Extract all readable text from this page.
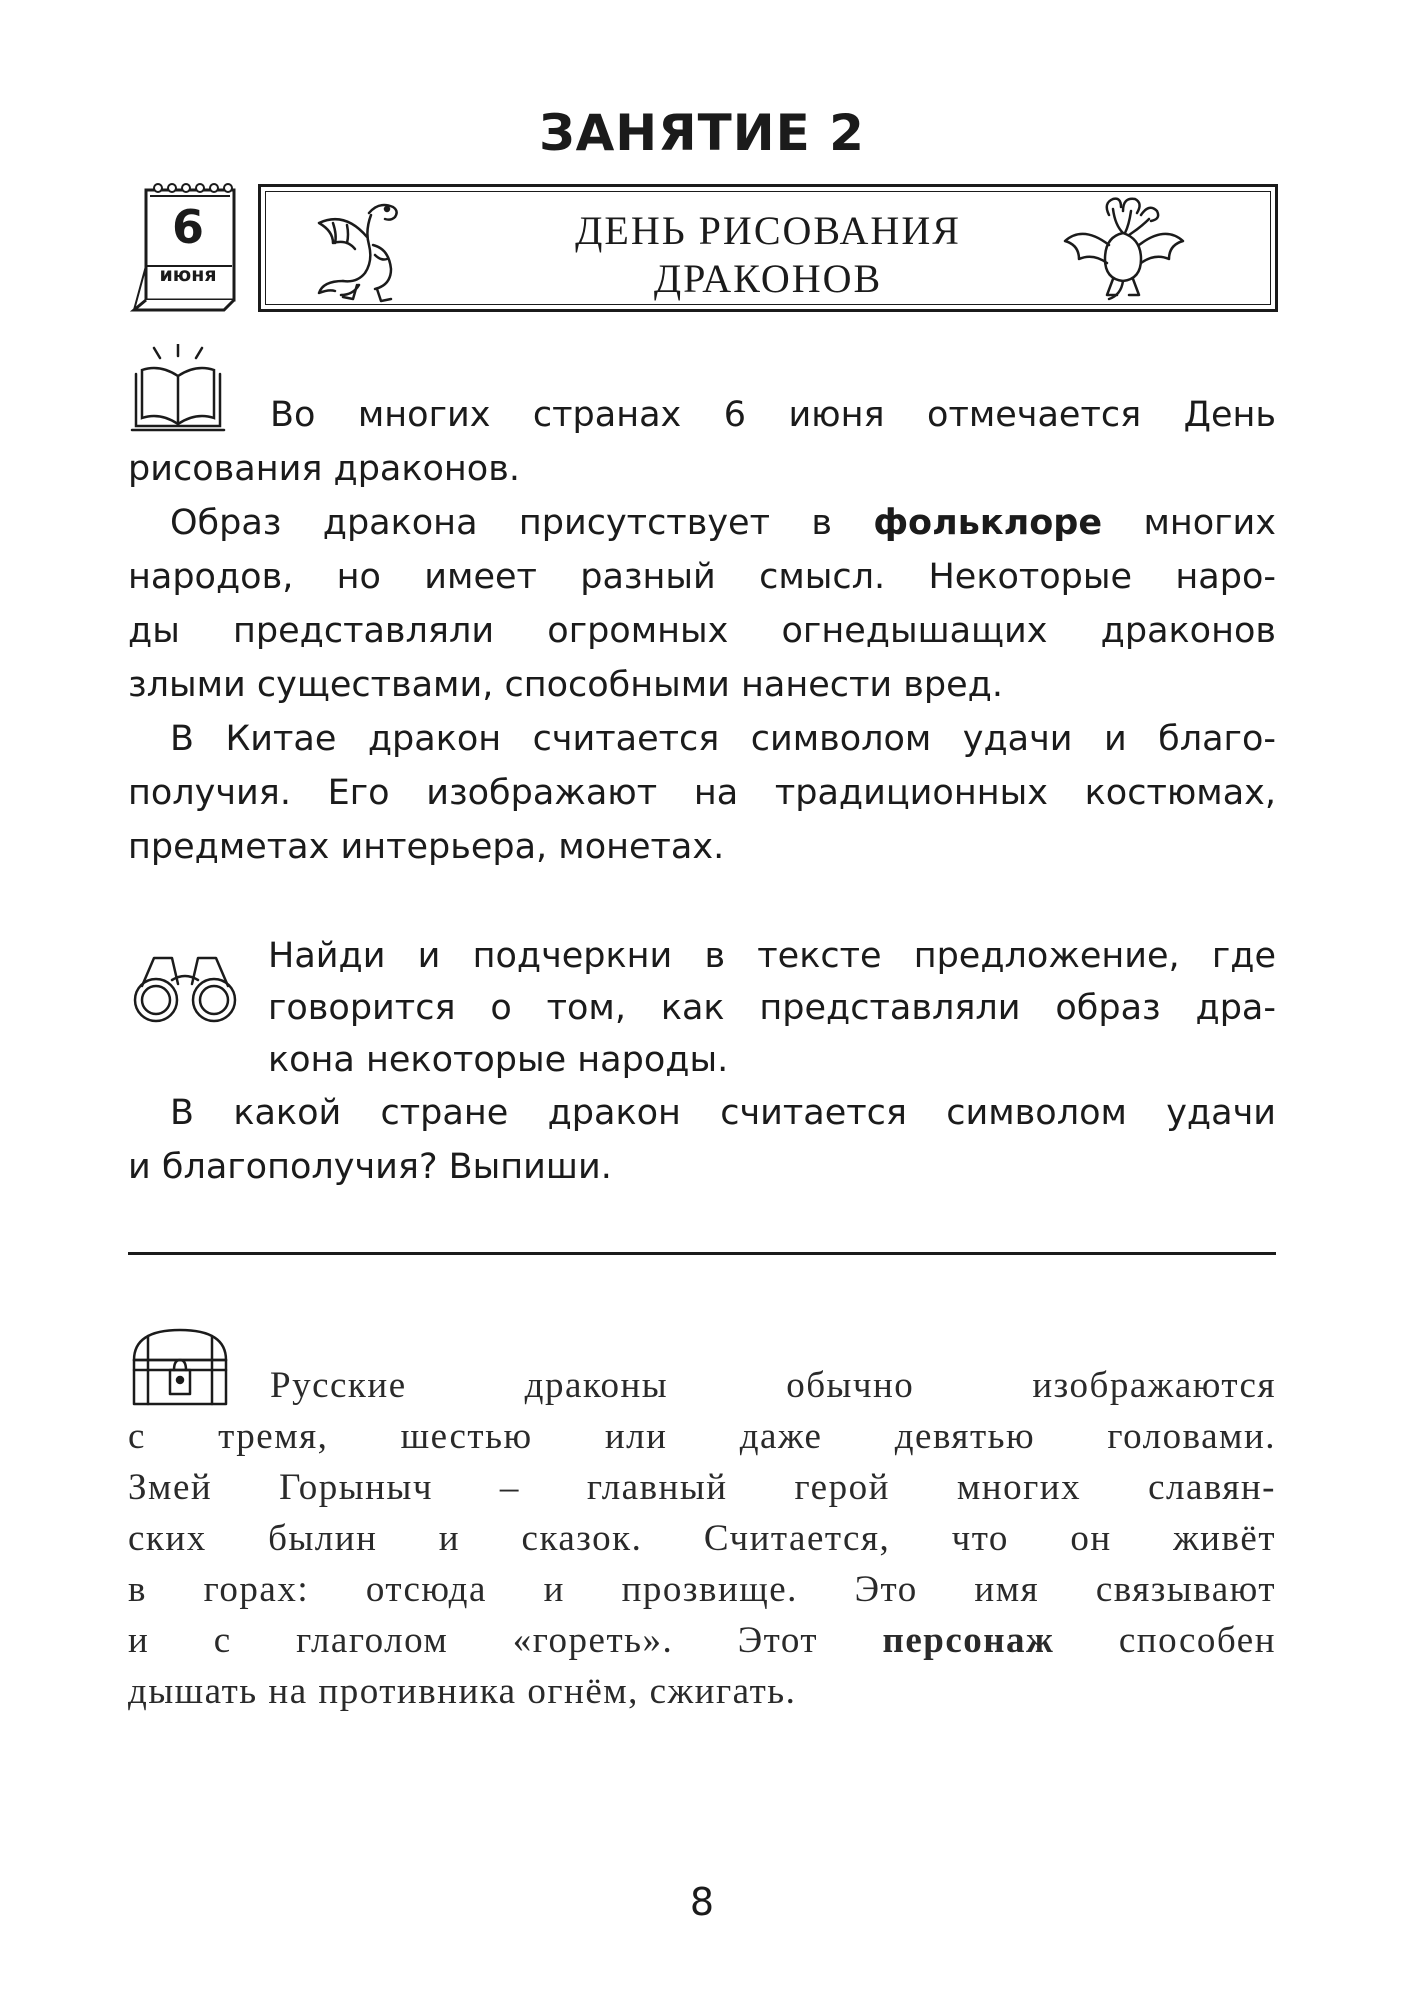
ЗАНЯТИЕ 2
6
июня
ДЕНЬ РИСОВАНИЯ
ДРАКОНОВ
Во многих странах 6 июня отмечается День
рисования драконов.
Образ дракона присутствует в фольклоре многих
народов, но имеет разный смысл. Некоторые наро-
ды представляли огромных огнедышащих драконов
злыми существами, способными нанести вред.
В Китае дракон считается символом удачи и благо-
получия. Его изображают на традиционных костюмах,
предметах интерьера, монетах.
Найди и подчеркни в тексте предложение, где
говорится о том, как представляли образ дра-
кона некоторые народы.
В какой стране дракон считается символом удачи
и благополучия? Выпиши.
Русские драконы обычно изображаются
с тремя, шестью или даже девятью головами.
Змей Горыныч – главный герой многих славян-
ских былин и сказок. Считается, что он живёт
в горах: отсюда и прозвище. Это имя связывают
и с глаголом «гореть». Этот персонаж способен
дышать на противника огнём, сжигать.
8
